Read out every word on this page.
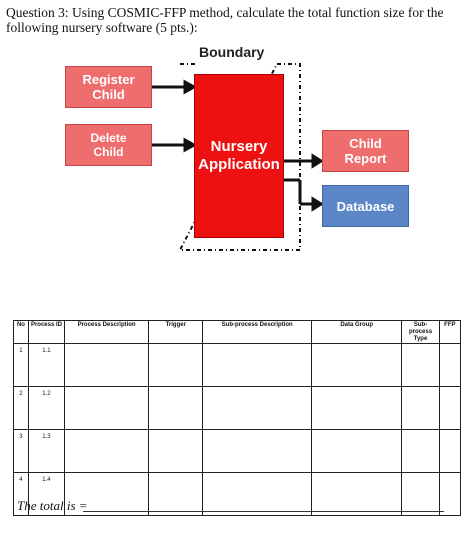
Question 3: Using COSMIC-FFP method, calculate the total function size for the following nursery software (5 pts.):
Boundary
Register
Child
Delete
Child	Nursery
Application
Child
Report
Database
No	Process ID	Process Description	Trigger	Sub-process Description	Data Group	Sub-process Type	FFP
1	1.1						
2	1.2						
3	1.3						
4	1.4						
The total is =
